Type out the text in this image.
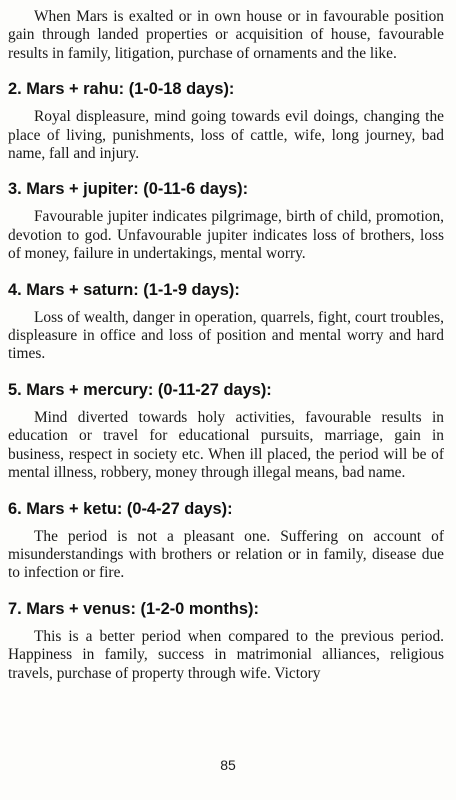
When Mars is exalted or in own house or in favourable position gain through landed properties or acquisition of house, favourable results in family, litigation, purchase of ornaments and the like.

2. Mars + rahu: (1-0-18 days):

Royal displeasure, mind going towards evil doings, changing the place of living, punishments, loss of cattle, wife, long journey, bad name, fall and injury.

3. Mars + jupiter: (0-11-6 days):

Favourable jupiter indicates pilgrimage, birth of child, promotion, devotion to god. Unfavourable jupiter indicates loss of brothers, loss of money, failure in undertakings, mental worry.

4. Mars + saturn: (1-1-9 days):

Loss of wealth, danger in operation, quarrels, fight, court troubles, displeasure in office and loss of position and mental worry and hard times.

5. Mars + mercury: (0-11-27 days):

Mind diverted towards holy activities, favourable results in education or travel for educational pursuits, marriage, gain in business, respect in society etc. When ill placed, the period will be of mental illness, robbery, money through illegal means, bad name.

6. Mars + ketu: (0-4-27 days):

The period is not a pleasant one. Suffering on account of misunderstandings with brothers or relation or in family, disease due to infection or fire.

7. Mars + venus: (1-2-0 months):

This is a better period when compared to the previous period. Happiness in family, success in matrimonial alliances, religious travels, purchase of property through wife. Victory

85
